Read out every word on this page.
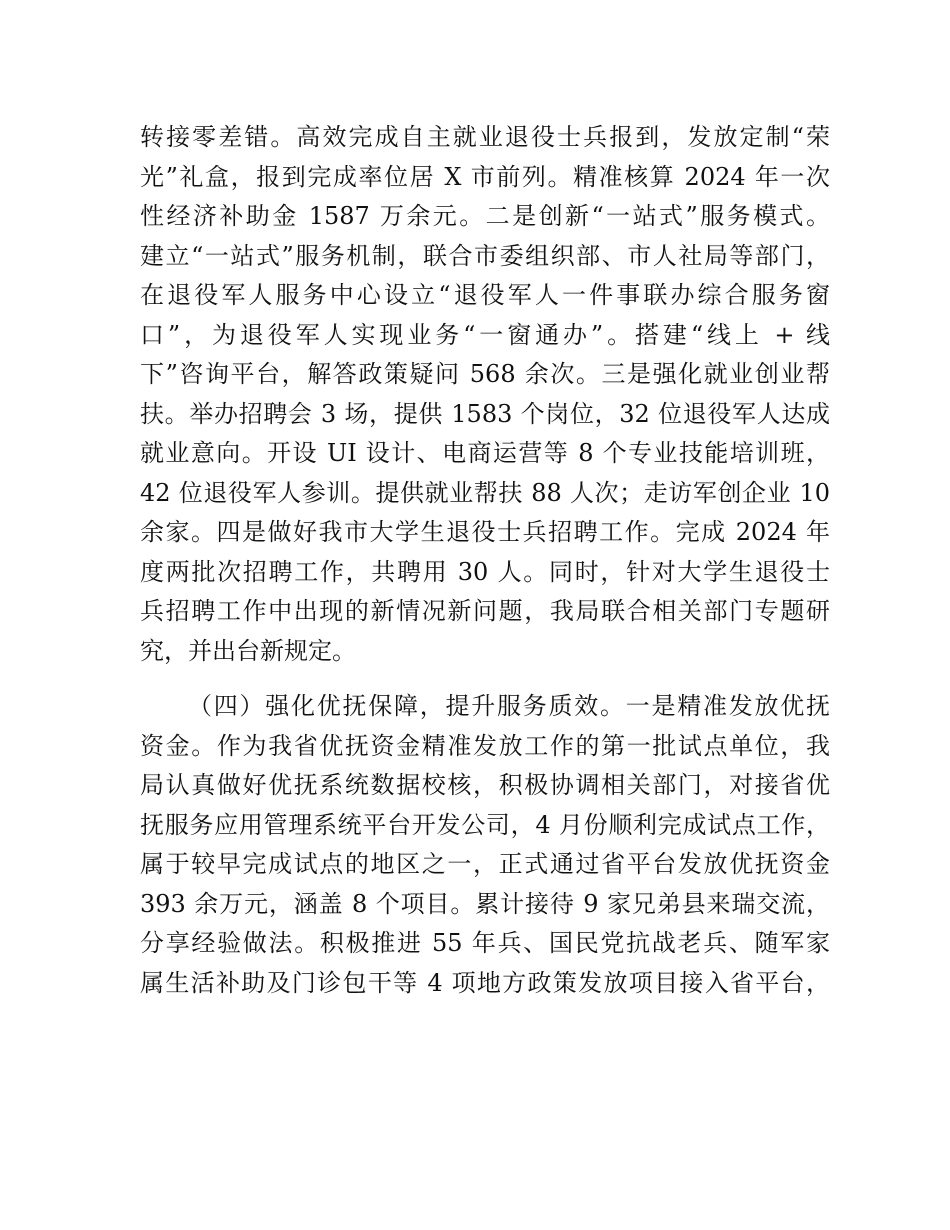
转接零差错。高效完成自主就业退役士兵报到，发放定制“荣
光”礼盒，报到完成率位居 X 市前列。精准核算 2024 年一次
性经济补助金 1587 万余元。二是创新“一站式”服务模式。
建立“一站式”服务机制，联合市委组织部、市人社局等部门，
在退役军人服务中心设立“退役军人一件事联办综合服务窗
口”，为退役军人实现业务“一窗通办”。搭建“线上 + 线
下”咨询平台，解答政策疑问 568 余次。三是强化就业创业帮
扶。举办招聘会 3 场，提供 1583 个岗位，32 位退役军人达成
就业意向。开设 UI 设计、电商运营等 8 个专业技能培训班，
42 位退役军人参训。提供就业帮扶 88 人次；走访军创企业 10
余家。四是做好我市大学生退役士兵招聘工作。完成 2024 年
度两批次招聘工作，共聘用 30 人。同时，针对大学生退役士
兵招聘工作中出现的新情况新问题，我局联合相关部门专题研
究，并出台新规定。
（四）强化优抚保障，提升服务质效。一是精准发放优抚
资金。作为我省优抚资金精准发放工作的第一批试点单位，我
局认真做好优抚系统数据校核，积极协调相关部门，对接省优
抚服务应用管理系统平台开发公司，4 月份顺利完成试点工作，
属于较早完成试点的地区之一，正式通过省平台发放优抚资金
393 余万元，涵盖 8 个项目。累计接待 9 家兄弟县来瑞交流，
分享经验做法。积极推进 55 年兵、国民党抗战老兵、随军家
属生活补助及门诊包干等 4 项地方政策发放项目接入省平台，
